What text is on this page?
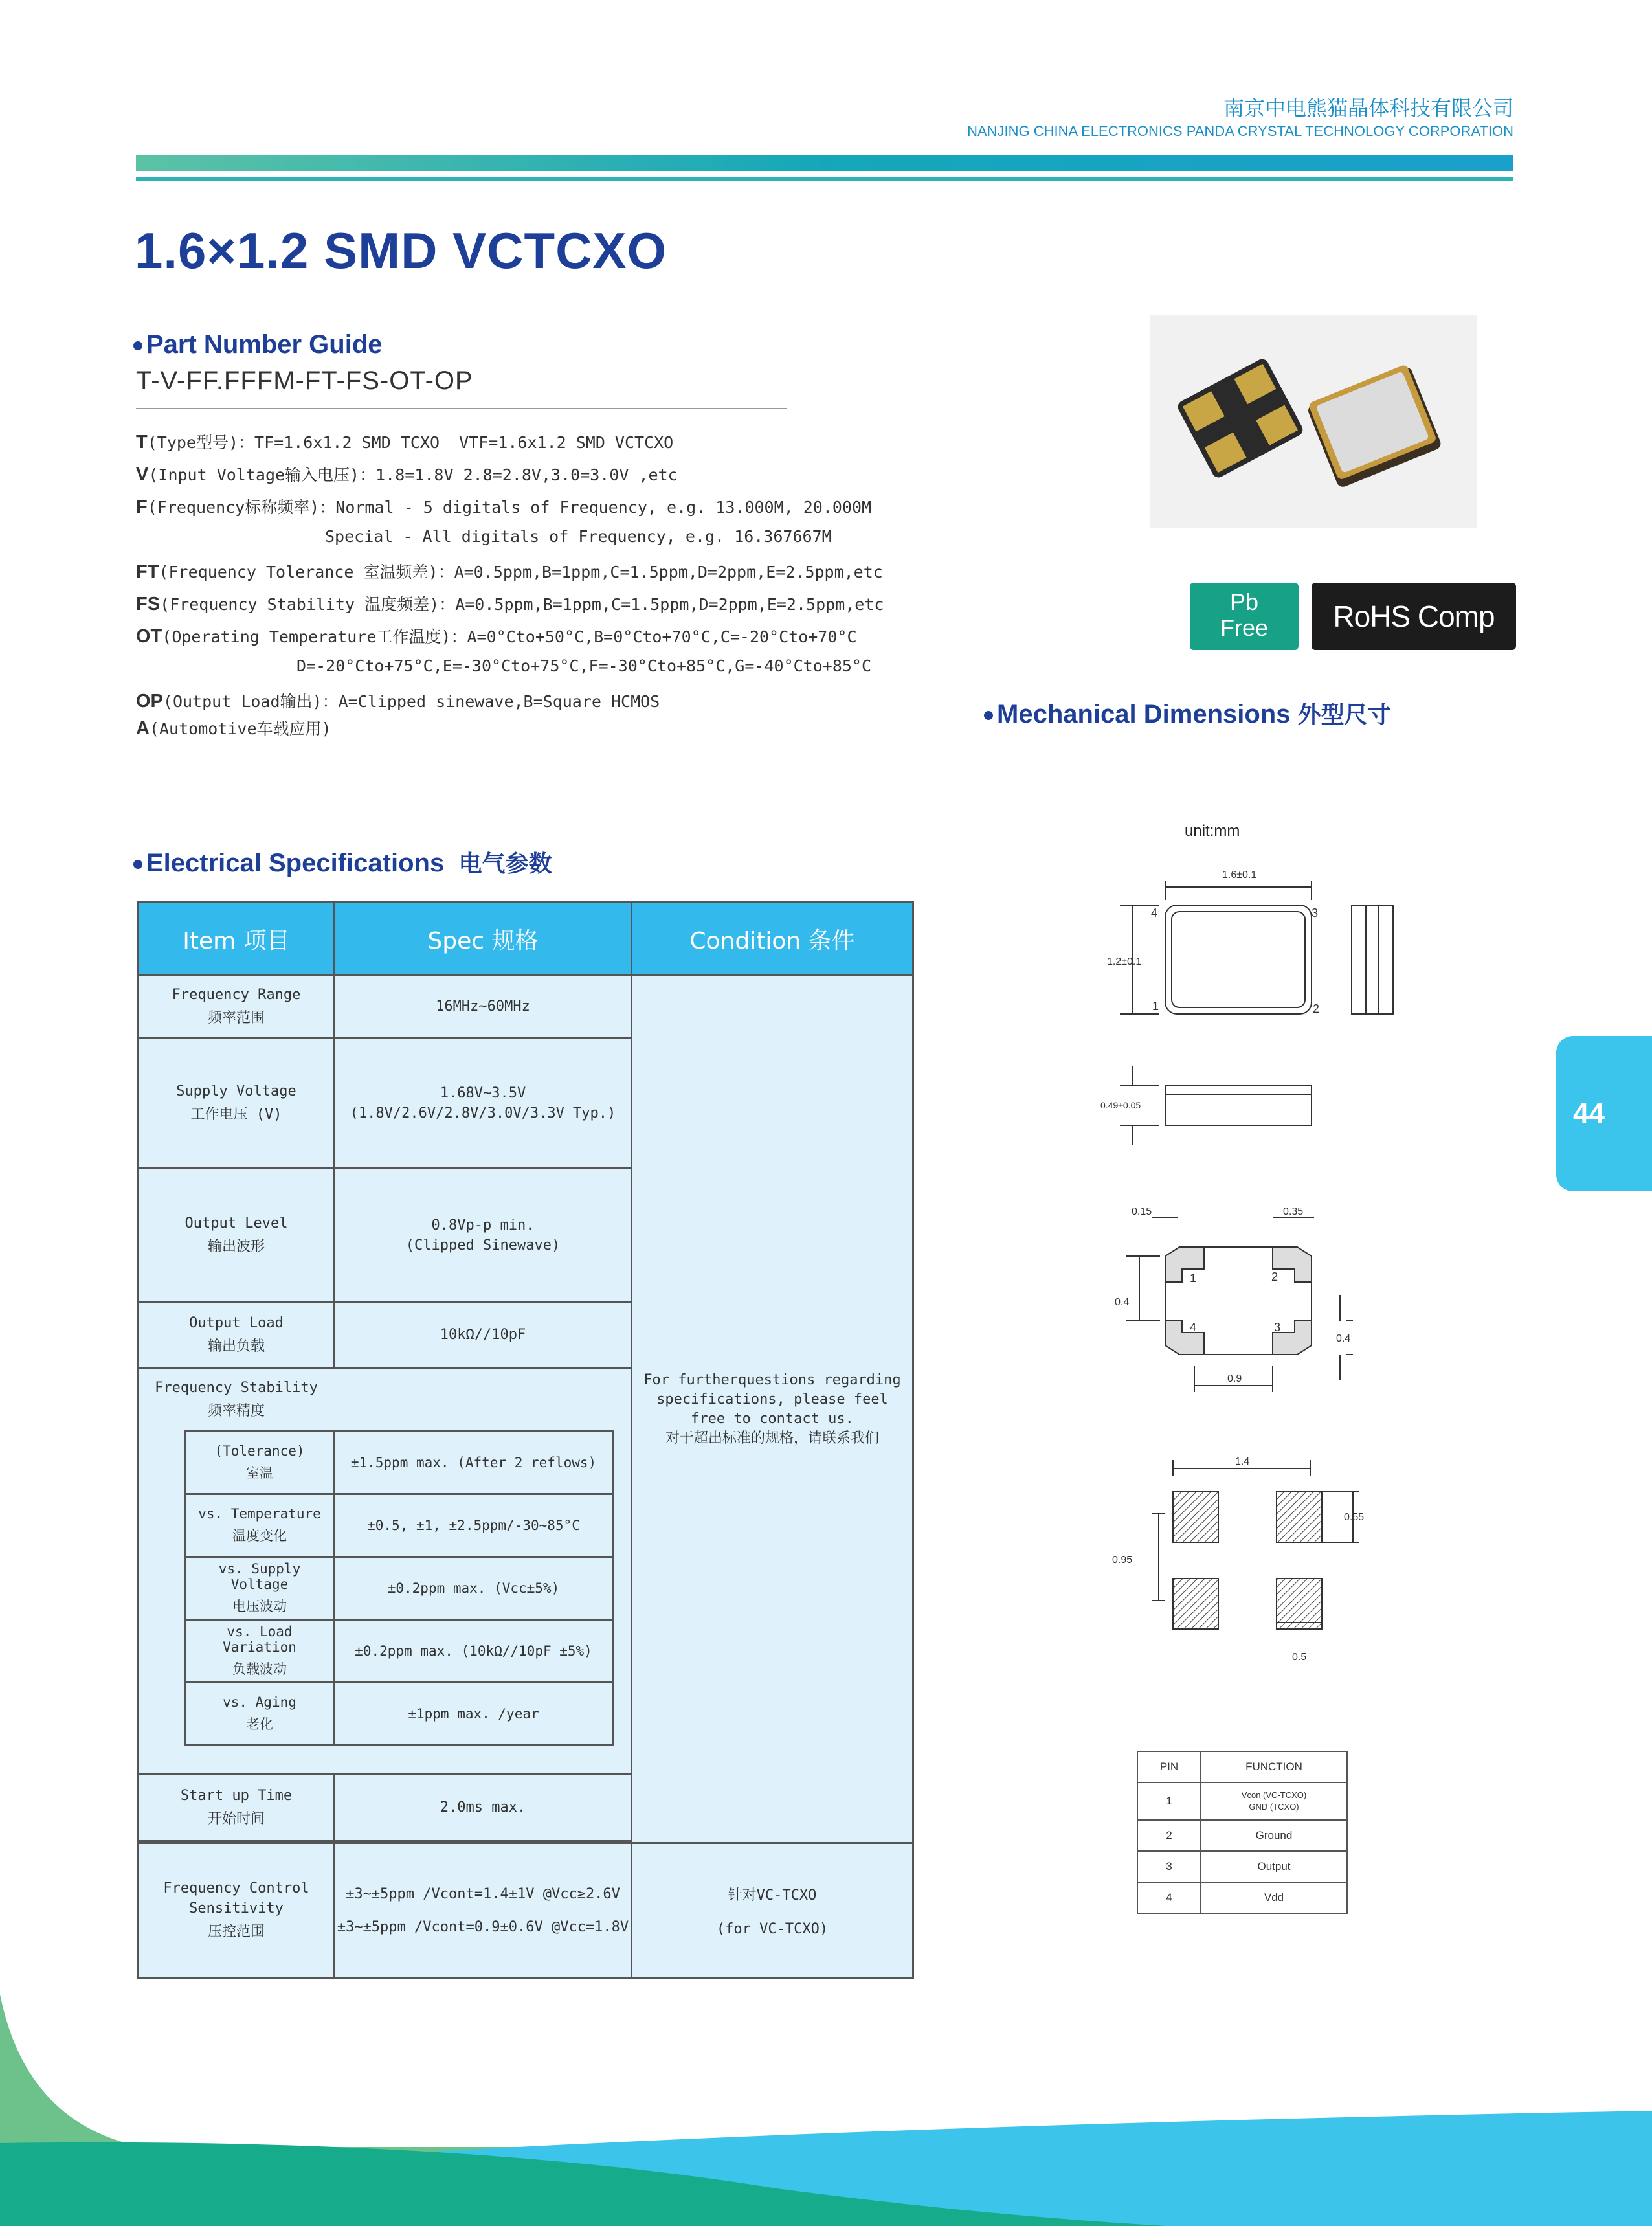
南京中电熊猫晶体科技有限公司
NANJING CHINA ELECTRONICS PANDA CRYSTAL TECHNOLOGY CORPORATION
1.6×1.2 SMD VCTCXO
Part Number Guide
T-V-FF.FFFM-FT-FS-OT-OP
T(Type型号)：TF=1.6x1.2 SMD TCXO  VTF=1.6x1.2 SMD VCTCXO
V(Input Voltage输入电压)：1.8=1.8V 2.8=2.8V,3.0=3.0V ,etc
F(Frequency标称频率)：Normal - 5 digitals of Frequency, e.g. 13.000M, 20.000M
Special - All digitals of Frequency, e.g. 16.367667M
FT(Frequency Tolerance 室温频差)：A=0.5ppm,B=1ppm,C=1.5ppm,D=2ppm,E=2.5ppm,etc
FS(Frequency Stability 温度频差)：A=0.5ppm,B=1ppm,C=1.5ppm,D=2ppm,E=2.5ppm,etc
OT(Operating Temperature工作温度)：A=0°Cto+50°C,B=0°Cto+70°C,C=-20°Cto+70°C
D=-20°Cto+75°C,E=-30°Cto+75°C,F=-30°Cto+85°C,G=-40°Cto+85°C
OP(Output Load输出)：A=Clipped sinewave,B=Square HCMOS
A(Automotive车载应用)
Pb
Free	RoHS Comp iant
Mechanical Dimensions 外型尺寸
44
Electrical Specifications 电气参数
Item 项目	Spec 规格	Condition 条件
Frequency Range
频率范围
	16MHz~60MHz	
For furtherquestions regarding
specifications, please feel
free to contact us.
对于超出标准的规格，请联系我们

Supply Voltage
工作电压 (V)
	1.68V~3.5V
(1.8V/2.6V/2.8V/3.0V/3.3V Typ.)

Output Level
输出波形
	0.8Vp-p min.
(Clipped Sinewave)

Output Load
输出负载
	10kΩ//10pF

Frequency Stability
频率精度
(Tolerance)
室温
	±1.5ppm max. (After 2 reflows)
vs. Temperature
温度变化
	±0.5, ±1, ±2.5ppm/-30~85°C
vs. Supply Voltage
电压波动
	±0.2ppm max. (Vcc±5%)
vs. Load Variation
负载波动
	±0.2ppm max. (10kΩ//10pF ±5%)
vs. Aging
老化
	±1ppm max. /year

Start up Time
开始时间
	2.0ms max.

Frequency Control
Sensitivity
压控范围
	±3~±5ppm /Vcont=1.4±1V @Vcc≥2.6V
±3~±5ppm /Vcont=0.9±0.6V @Vcc=1.8V
	针对VC-TCXO
(for VC-TCXO)
unit:mm
1.6±0.1
1.2±0.1
0.49±0.05
0.15	0.35
0.4
0.4
0.9
1.4
0.55
0.95
0.5
4	3
1	2
1	2
4	3
PIN	FUNCTION
1	Vcon (VC-TCXO)
GND (TCXO)
2	Ground
3	Output
4	Vdd
